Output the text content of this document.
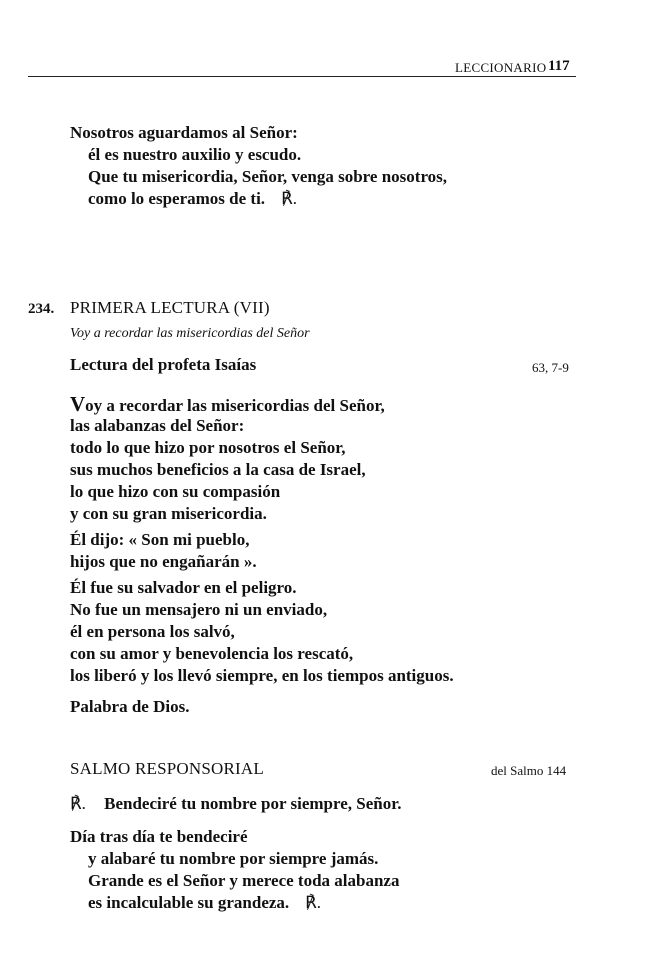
LECCIONARIO 117
Nosotros aguardamos al Señor:
él es nuestro auxilio y escudo.
Que tu misericordia, Señor, venga sobre nosotros,
como lo esperamos de ti. ℟.
234. PRIMERA LECTURA (VII)
Voy a recordar las misericordias del Señor
Lectura del profeta Isaías	63, 7-9
Voy a recordar las misericordias del Señor,
las alabanzas del Señor:
todo lo que hizo por nosotros el Señor,
sus muchos beneficios a la casa de Israel,
lo que hizo con su compasión
y con su gran misericordia.
Él dijo: « Son mi pueblo,
hijos que no engañarán ».
Él fue su salvador en el peligro.
No fue un mensajero ni un enviado,
él en persona los salvó,
con su amor y benevolencia los rescató,
los liberó y los llevó siempre, en los tiempos antiguos.
Palabra de Dios.
SALMO RESPONSORIAL	del Salmo 144
℟. Bendeciré tu nombre por siempre, Señor.
Día tras día te bendeciré
y alabaré tu nombre por siempre jamás.
Grande es el Señor y merece toda alabanza
es incalculable su grandeza. ℟.
